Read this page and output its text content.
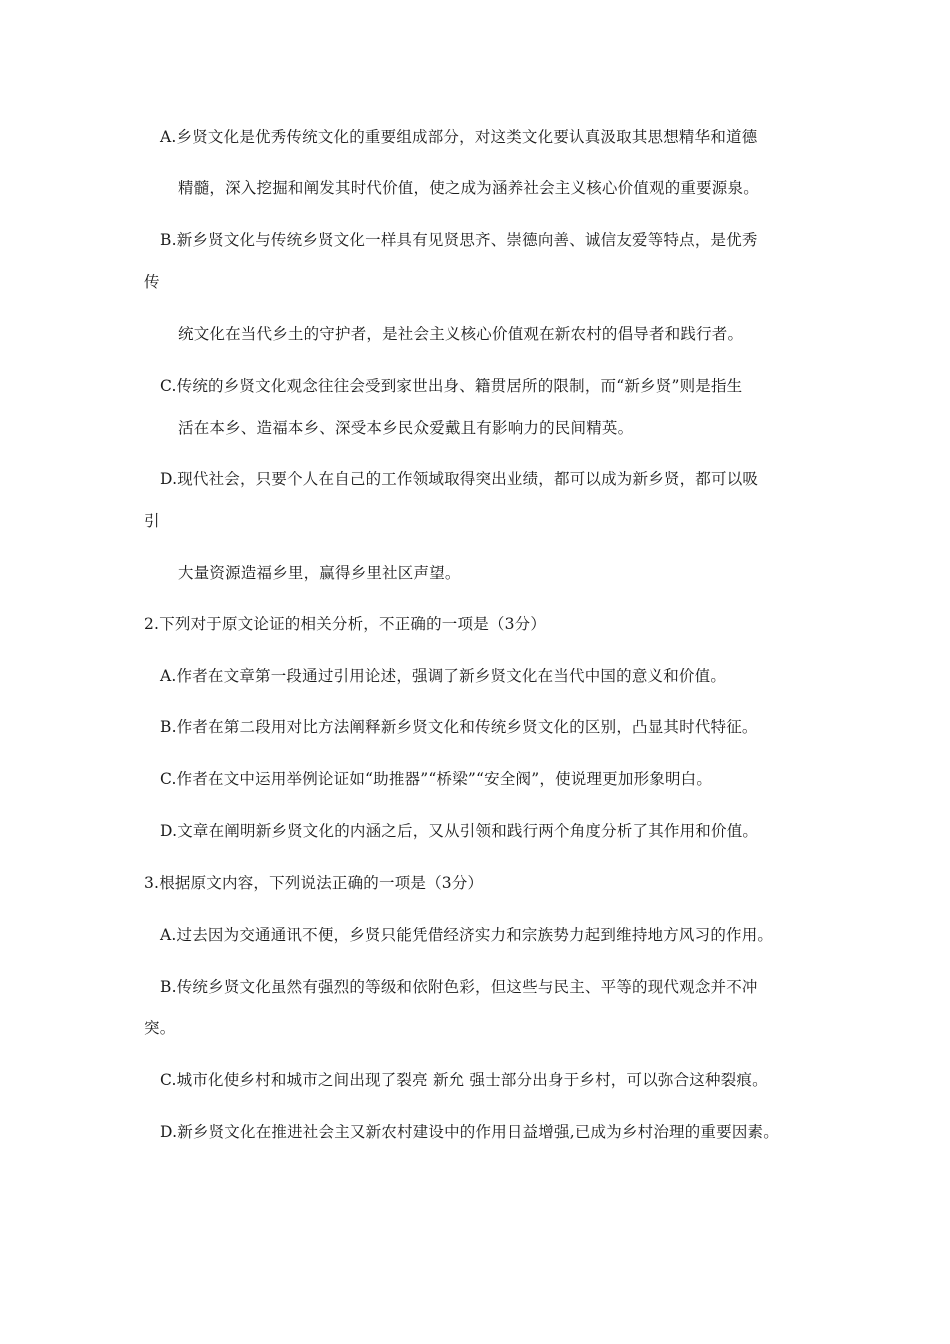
A.乡贤文化是优秀传统文化的重要组成部分，对这类文化要认真汲取其思想精华和道德
精髓，深入挖掘和阐发其时代价值，使之成为涵养社会主义核心价值观的重要源泉。
B.新乡贤文化与传统乡贤文化一样具有见贤思齐、崇德向善、诚信友爱等特点，是优秀
传
统文化在当代乡土的守护者，是社会主义核心价值观在新农村的倡导者和践行者。
C.传统的乡贤文化观念往往会受到家世出身、籍贯居所的限制，而“新乡贤”则是指生
活在本乡、造福本乡、深受本乡民众爱戴且有影响力的民间精英。
D.现代社会，只要个人在自己的工作领域取得突出业绩，都可以成为新乡贤，都可以吸
引
大量资源造福乡里，赢得乡里社区声望。
2.下列对于原文论证的相关分析，不正确的一项是（3分）
A.作者在文章第一段通过引用论述，强调了新乡贤文化在当代中国的意义和价值。
B.作者在第二段用对比方法阐释新乡贤文化和传统乡贤文化的区别，凸显其时代特征。
C.作者在文中运用举例论证如“助推器”“桥梁”“安全阀”，使说理更加形象明白。
D.文章在阐明新乡贤文化的内涵之后，又从引领和践行两个角度分析了其作用和价值。
3.根据原文内容，下列说法正确的一项是（3分）
A.过去因为交通通讯不便，乡贤只能凭借经济实力和宗族势力起到维持地方风习的作用。
B.传统乡贤文化虽然有强烈的等级和依附色彩，但这些与民主、平等的现代观念并不冲
突。
C.城市化使乡村和城市之间出现了裂亮 新允 强士部分出身于乡村，可以弥合这种裂痕。
D.新乡贤文化在推进社会主又新农村建设中的作用日益增强,已成为乡村治理的重要因素。
